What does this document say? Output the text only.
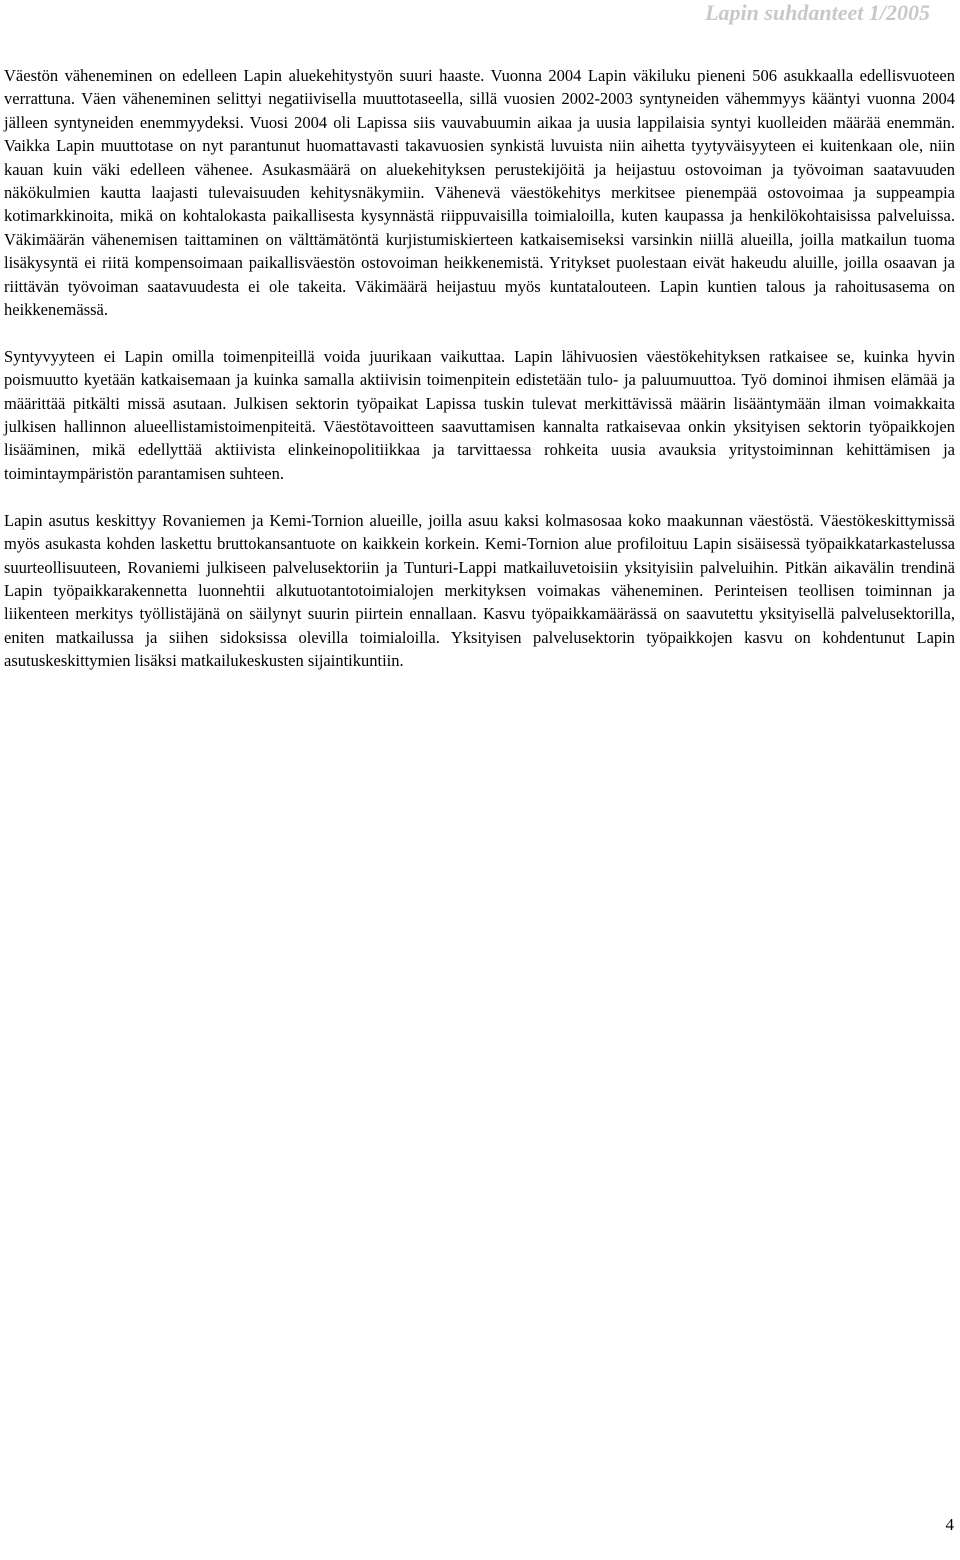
Lapin suhdanteet 1/2005

Väestön väheneminen on edelleen Lapin aluekehitystyön suuri haaste. Vuonna 2004 Lapin väkiluku pieneni 506 asukkaalla edellisvuoteen verrattuna. Väen väheneminen selittyi negatiivisella muuttotaseella, sillä vuosien 2002-2003 syntyneiden vähemmyys kääntyi vuonna 2004 jälleen syntyneiden enemmyydeksi. Vuosi 2004 oli Lapissa siis vauvabuumin aikaa ja uusia lappilaisia syntyi kuolleiden määrää enemmän. Vaikka Lapin muuttotase on nyt parantunut huomattavasti takavuosien synkistä luvuista niin aihetta tyytyväisyyteen ei kuitenkaan ole, niin kauan kuin väki edelleen vähenee. Asukasmäärä on aluekehityksen perustekijöitä ja heijastuu ostovoiman ja työvoiman saatavuuden näkökulmien kautta laajasti tulevaisuuden kehitysnäkymiin. Vähenevä väestökehitys merkitsee pienempää ostovoimaa ja suppeampia kotimarkkinoita, mikä on kohtalokasta paikallisesta kysynnästä riippuvaisilla toimialoilla, kuten kaupassa ja henkilökohtaisissa palveluissa. Väkimäärän vähenemisen taittaminen on välttämätöntä kurjistumiskierteen katkaisemiseksi varsinkin niillä alueilla, joilla matkailun tuoma lisäkysyntä ei riitä kompensoimaan paikallisväestön ostovoiman heikkenemistä. Yritykset puolestaan eivät hakeudu aluille, joilla osaavan ja riittävän työvoiman saatavuudesta ei ole takeita. Väkimäärä heijastuu myös kuntatalouteen. Lapin kuntien talous ja rahoitusasema on heikkenemässä.

Syntyvyyteen ei Lapin omilla toimenpiteillä voida juurikaan vaikuttaa. Lapin lähivuosien väestökehityksen ratkaisee se, kuinka hyvin poismuutto kyetään katkaisemaan ja kuinka samalla aktiivisin toimenpitein edistetään tulo- ja paluumuuttoa. Työ dominoi ihmisen elämää ja määrittää pitkälti missä asutaan. Julkisen sektorin työpaikat Lapissa tuskin tulevat merkittävissä määrin lisääntymään ilman voimakkaita julkisen hallinnon alueellistamistoimenpiteitä. Väestötavoitteen saavuttamisen kannalta ratkaisevaa onkin yksityisen sektorin työpaikkojen lisääminen, mikä edellyttää aktiivista elinkeinopolitiikkaa ja tarvittaessa rohkeita uusia avauksia yritystoiminnan kehittämisen ja toimintaympäristön parantamisen suhteen.

Lapin asutus keskittyy Rovaniemen ja Kemi-Tornion alueille, joilla asuu kaksi kolmasosaa koko maakunnan väestöstä. Väestökeskittymissä myös asukasta kohden laskettu bruttokansantuote on kaikkein korkein. Kemi-Tornion alue profiloituu Lapin sisäisessä työpaikkatarkastelussa suurteollisuuteen, Rovaniemi julkiseen palvelusektoriin ja Tunturi-Lappi matkailuvetoisiin yksityisiin palveluihin. Pitkän aikavälin trendinä Lapin työpaikkarakennetta luonnehtii alkutuotantotoimialojen merkityksen voimakas väheneminen. Perinteisen teollisen toiminnan ja liikenteen merkitys työllistäjänä on säilynyt suurin piirtein ennallaan. Kasvu työpaikkamäärässä on saavutettu yksityisellä palvelusektorilla, eniten matkailussa ja siihen sidoksissa olevilla toimialoilla. Yksityisen palvelusektorin työpaikkojen kasvu on kohdentunut Lapin asutuskeskittymien lisäksi matkailukeskusten sijaintikuntiin.

4
